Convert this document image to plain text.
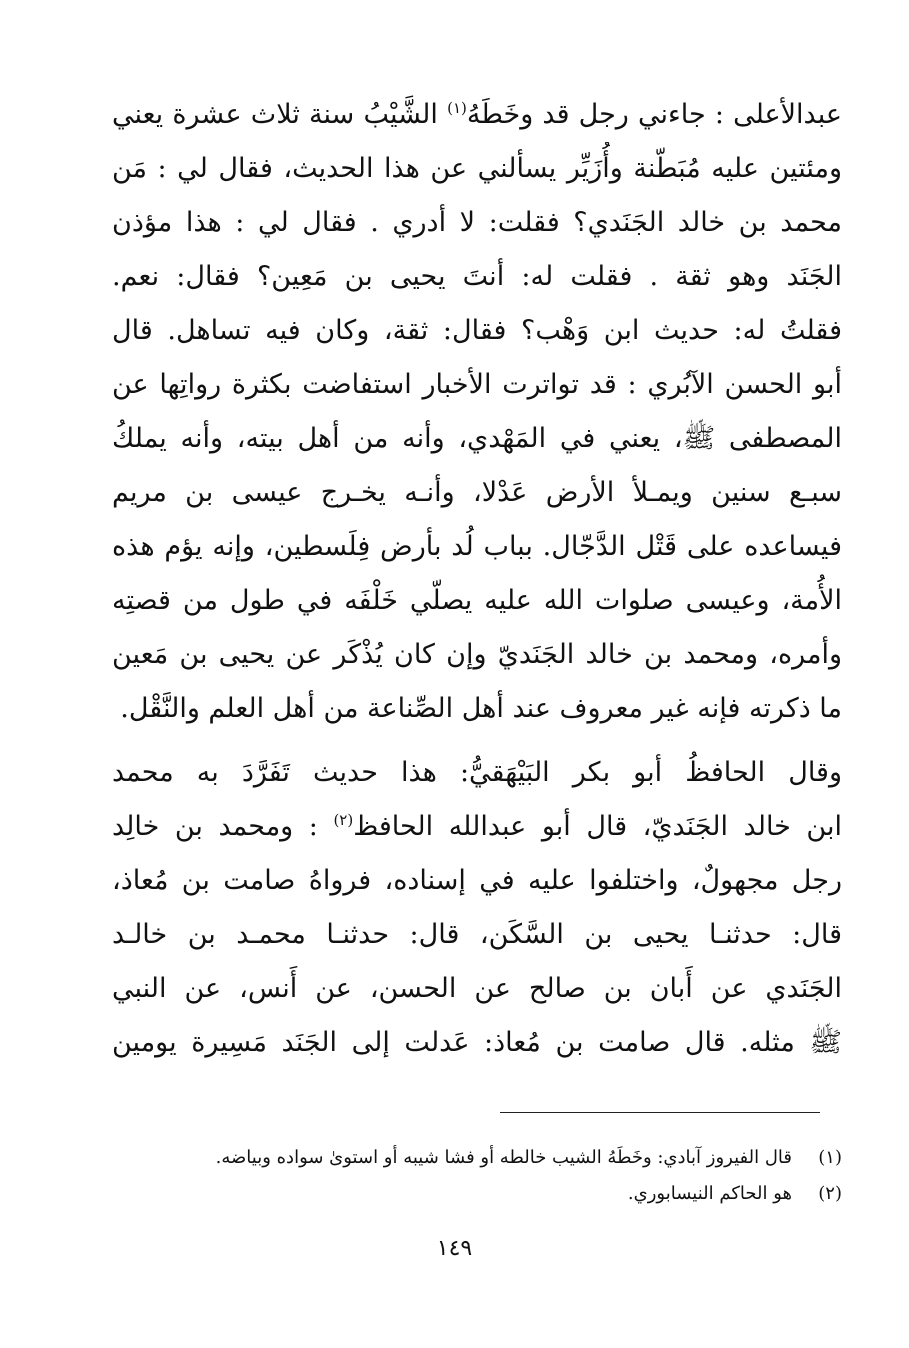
عبدالأعلى : جاءني رجل قد وخَطَهُ$^{(١)}$ الشَّيْبُ سنة ثلاث عشرة يعني
ومئتين عليه مُبَطّنة وأُزَيِّر يسألني عن هذا الحديث، فقال لي : مَن
محمد بن خالد الجَنَدي؟ فقلت: لا أدري . فقال لي : هذا مؤذن
الجَنَد وهو ثقة . فقلت له: أنتَ يحيى بن مَعِين؟ فقال: نعم.
فقلتُ له: حديث ابن وَهْب؟ فقال: ثقة، وكان فيه تساهل. قال
أبو الحسن الآبُري : قد تواترت الأخبار استفاضت بكثرة رواتِها عن
المصطفى ﷺ، يعني في المَهْدي، وأنه من أهل بيته، وأنه يملكُ
سبـع سنين ويمـلأ الأرض عَدْلا، وأنـه يخـرج عيسى بن مريم
فيساعده على قَتْل الدَّجّال. بباب لُد بأرض فِلَسطين، وإنه يؤم هذه
الأُمة، وعيسى صلوات الله عليه يصلّي خَلْفَه في طول من قصتِه
وأمره، ومحمد بن خالد الجَنَديّ وإن كان يُذْكَر عن يحيى بن مَعين
ما ذكرته فإنه غير معروف عند أهل الصِّناعة من أهل العلم والنَّقْل.
وقال الحافظُ أبو بكر البَيْهَقيُّ: هذا حديث تَفَرَّدَ به محمد
ابن خالد الجَنَديّ، قال أبو عبدالله الحافظ$^{(٢)}$ : ومحمد بن خالِد
رجل مجهولٌ، واختلفوا عليه في إسناده، فرواهُ صامت بن مُعاذ،
قال: حدثنـا يحيى بن السَّكَن، قال: حدثنـا محمـد بن خالـد
الجَنَدي عن أَبان بن صالح عن الحسن، عن أَنس، عن النبي
ﷺ مثله. قال صامت بن مُعاذ: عَدلت إلى الجَنَد مَسِيرة يومين
(١)
قال الفيروز آبادي: وخَطَهُ الشيب خالطه أو فشا شيبه أو استوىٰ سواده وبياضه.
(٢)
هو الحاكم النيسابوري.
١٤٩
